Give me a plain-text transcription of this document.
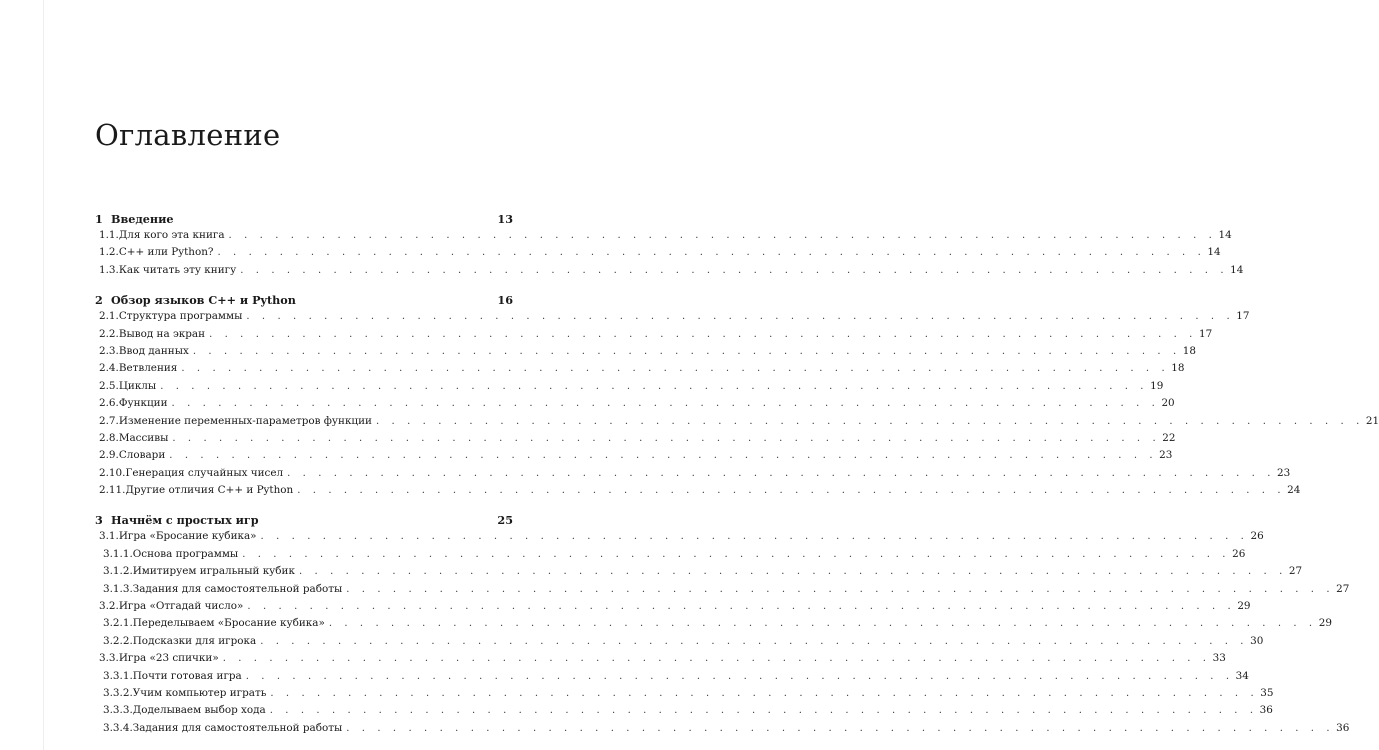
Оглавление
1 Введение	13
1.1. Для кого эта книга . . . . . . . . . . . . . . . . . . . . . . . . . . . . . . . . . . . . . . . . . . . . . . . . . . . . . . . . . . . . . . . . 14
1.2. C++ или Python? . . . . . . . . . . . . . . . . . . . . . . . . . . . . . . . . . . . . . . . . . . . . . . . . . . . . . . . . . . . . . . . . 14
1.3. Как читать эту книгу . . . . . . . . . . . . . . . . . . . . . . . . . . . . . . . . . . . . . . . . . . . . . . . . . . . . . . . . . . . . . . . . 14
2 Обзор языков C++ и Python	16
2.1. Структура программы . . . . . . . . . . . . . . . . . . . . . . . . . . . . . . . . . . . . . . . . . . . . . . . . . . . . . . . . . . . . . . . . 17
2.2. Вывод на экран . . . . . . . . . . . . . . . . . . . . . . . . . . . . . . . . . . . . . . . . . . . . . . . . . . . . . . . . . . . . . . . . 17
2.3. Ввод данных . . . . . . . . . . . . . . . . . . . . . . . . . . . . . . . . . . . . . . . . . . . . . . . . . . . . . . . . . . . . . . . . 18
2.4. Ветвления . . . . . . . . . . . . . . . . . . . . . . . . . . . . . . . . . . . . . . . . . . . . . . . . . . . . . . . . . . . . . . . . 18
2.5. Циклы . . . . . . . . . . . . . . . . . . . . . . . . . . . . . . . . . . . . . . . . . . . . . . . . . . . . . . . . . . . . . . . . 19
2.6. Функции . . . . . . . . . . . . . . . . . . . . . . . . . . . . . . . . . . . . . . . . . . . . . . . . . . . . . . . . . . . . . . . . 20
2.7. Изменение переменных-параметров функции . . . . . . . . . . . . . . . . . . . . . . . . . . . . . . . . . . . . . . . . . . . . . . . . . . . . . . . . . . . . . . . . 21
2.8. Массивы . . . . . . . . . . . . . . . . . . . . . . . . . . . . . . . . . . . . . . . . . . . . . . . . . . . . . . . . . . . . . . . . 22
2.9. Словари . . . . . . . . . . . . . . . . . . . . . . . . . . . . . . . . . . . . . . . . . . . . . . . . . . . . . . . . . . . . . . . . 23
2.10. Генерация случайных чисел . . . . . . . . . . . . . . . . . . . . . . . . . . . . . . . . . . . . . . . . . . . . . . . . . . . . . . . . . . . . . . . . 23
2.11. Другие отличия C++ и Python . . . . . . . . . . . . . . . . . . . . . . . . . . . . . . . . . . . . . . . . . . . . . . . . . . . . . . . . . . . . . . . . 24
3 Начнём с простых игр	25
3.1. Игра «Бросание кубика» . . . . . . . . . . . . . . . . . . . . . . . . . . . . . . . . . . . . . . . . . . . . . . . . . . . . . . . . . . . . . . . . 26
3.1.1. Основа программы . . . . . . . . . . . . . . . . . . . . . . . . . . . . . . . . . . . . . . . . . . . . . . . . . . . . . . . . . . . . . . . . 26
3.1.2. Имитируем игральный кубик . . . . . . . . . . . . . . . . . . . . . . . . . . . . . . . . . . . . . . . . . . . . . . . . . . . . . . . . . . . . . . . . 27
3.1.3. Задания для самостоятельной работы . . . . . . . . . . . . . . . . . . . . . . . . . . . . . . . . . . . . . . . . . . . . . . . . . . . . . . . . . . . . . . . . 27
3.2. Игра «Отгадай число» . . . . . . . . . . . . . . . . . . . . . . . . . . . . . . . . . . . . . . . . . . . . . . . . . . . . . . . . . . . . . . . . 29
3.2.1. Переделываем «Бросание кубика» . . . . . . . . . . . . . . . . . . . . . . . . . . . . . . . . . . . . . . . . . . . . . . . . . . . . . . . . . . . . . . . . 29
3.2.2. Подсказки для игрока . . . . . . . . . . . . . . . . . . . . . . . . . . . . . . . . . . . . . . . . . . . . . . . . . . . . . . . . . . . . . . . . 30
3.3. Игра «23 спички» . . . . . . . . . . . . . . . . . . . . . . . . . . . . . . . . . . . . . . . . . . . . . . . . . . . . . . . . . . . . . . . . 33
3.3.1. Почти готовая игра . . . . . . . . . . . . . . . . . . . . . . . . . . . . . . . . . . . . . . . . . . . . . . . . . . . . . . . . . . . . . . . . 34
3.3.2. Учим компьютер играть . . . . . . . . . . . . . . . . . . . . . . . . . . . . . . . . . . . . . . . . . . . . . . . . . . . . . . . . . . . . . . . . 35
3.3.3. Доделываем выбор хода . . . . . . . . . . . . . . . . . . . . . . . . . . . . . . . . . . . . . . . . . . . . . . . . . . . . . . . . . . . . . . . . 36
3.3.4. Задания для самостоятельной работы . . . . . . . . . . . . . . . . . . . . . . . . . . . . . . . . . . . . . . . . . . . . . . . . . . . . . . . . . . . . . . . . 36
